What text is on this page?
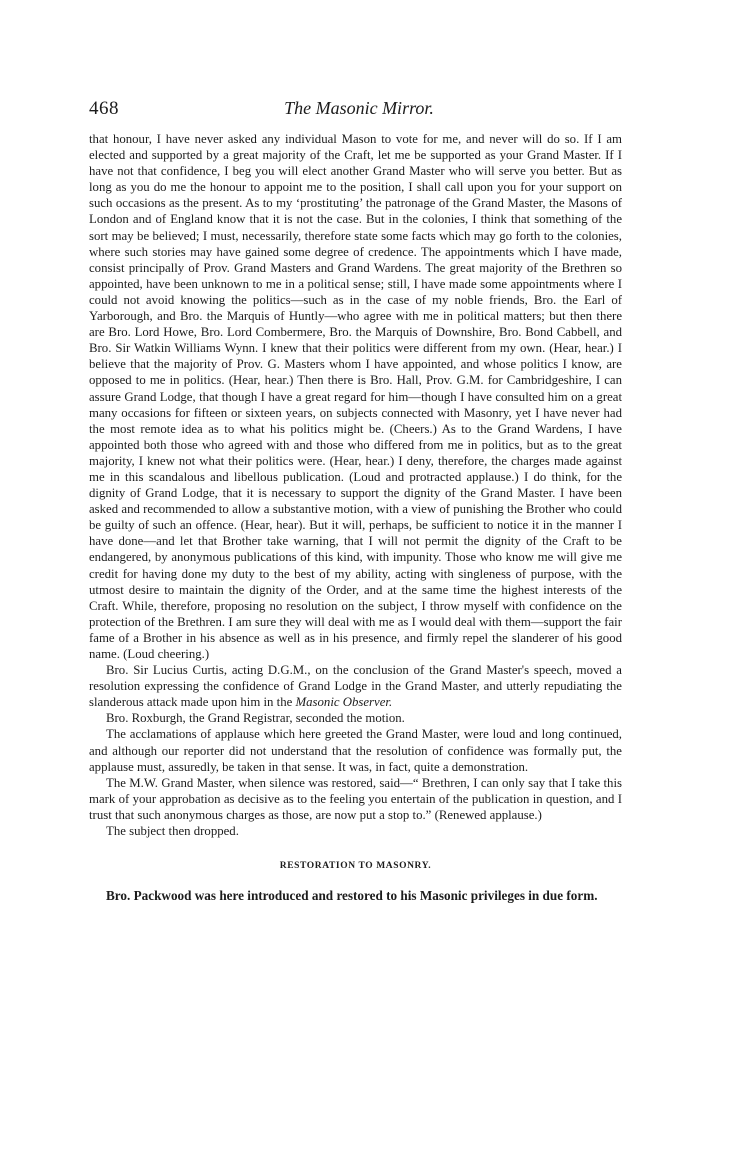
468	The Masonic Mirror.

that honour, I have never asked any individual Mason to vote for me, and never will do so. If I am elected and supported by a great majority of the Craft, let me be supported as your Grand Master. If I have not that confidence, I beg you will elect another Grand Master who will serve you better. But as long as you do me the honour to appoint me to the position, I shall call upon you for your support on such occasions as the present. As to my ‘prostituting’ the patronage of the Grand Master, the Masons of London and of England know that it is not the case. But in the colonies, I think that something of the sort may be believed; I must, necessarily, therefore state some facts which may go forth to the colonies, where such stories may have gained some degree of credence. The appointments which I have made, consist principally of Prov. Grand Masters and Grand Wardens. The great majority of the Brethren so appointed, have been unknown to me in a political sense; still, I have made some appointments where I could not avoid knowing the politics—such as in the case of my noble friends, Bro. the Earl of Yarborough, and Bro. the Marquis of Huntly—who agree with me in political matters; but then there are Bro. Lord Howe, Bro. Lord Combermere, Bro. the Marquis of Downshire, Bro. Bond Cabbell, and Bro. Sir Watkin Williams Wynn. I knew that their politics were different from my own. (Hear, hear.) I believe that the majority of Prov. G. Masters whom I have appointed, and whose politics I know, are opposed to me in politics. (Hear, hear.) Then there is Bro. Hall, Prov. G.M. for Cambridgeshire, I can assure Grand Lodge, that though I have a great regard for him—though I have consulted him on a great many occasions for fifteen or sixteen years, on subjects connected with Masonry, yet I have never had the most remote idea as to what his politics might be. (Cheers.) As to the Grand Wardens, I have appointed both those who agreed with and those who differed from me in politics, but as to the great majority, I knew not what their politics were. (Hear, hear.) I deny, therefore, the charges made against me in this scandalous and libellous publication. (Loud and protracted applause.) I do think, for the dignity of Grand Lodge, that it is necessary to support the dignity of the Grand Master. I have been asked and recommended to allow a substantive motion, with a view of punishing the Brother who could be guilty of such an offence. (Hear, hear). But it will, perhaps, be sufficient to notice it in the manner I have done—and let that Brother take warning, that I will not permit the dignity of the Craft to be endangered, by anonymous publications of this kind, with impunity. Those who know me will give me credit for having done my duty to the best of my ability, acting with singleness of purpose, with the utmost desire to maintain the dignity of the Order, and at the same time the highest interests of the Craft. While, therefore, proposing no resolution on the subject, I throw myself with confidence on the protection of the Brethren. I am sure they will deal with me as I would deal with them—support the fair fame of a Brother in his absence as well as in his presence, and firmly repel the slanderer of his good name. (Loud cheering.)

Bro. Sir Lucius Curtis, acting D.G.M., on the conclusion of the Grand Master's speech, moved a resolution expressing the confidence of Grand Lodge in the Grand Master, and utterly repudiating the slanderous attack made upon him in the Masonic Observer.

Bro. Roxburgh, the Grand Registrar, seconded the motion.

The acclamations of applause which here greeted the Grand Master, were loud and long continued, and although our reporter did not understand that the resolution of confidence was formally put, the applause must, assuredly, be taken in that sense. It was, in fact, quite a demonstration.

The M.W. Grand Master, when silence was restored, said—“ Brethren, I can only say that I take this mark of your approbation as decisive as to the feeling you entertain of the publication in question, and I trust that such anonymous charges as those, are now put a stop to.” (Renewed applause.)

The subject then dropped.

RESTORATION TO MASONRY.

Bro. Packwood was here introduced and restored to his Masonic privileges in due form.
